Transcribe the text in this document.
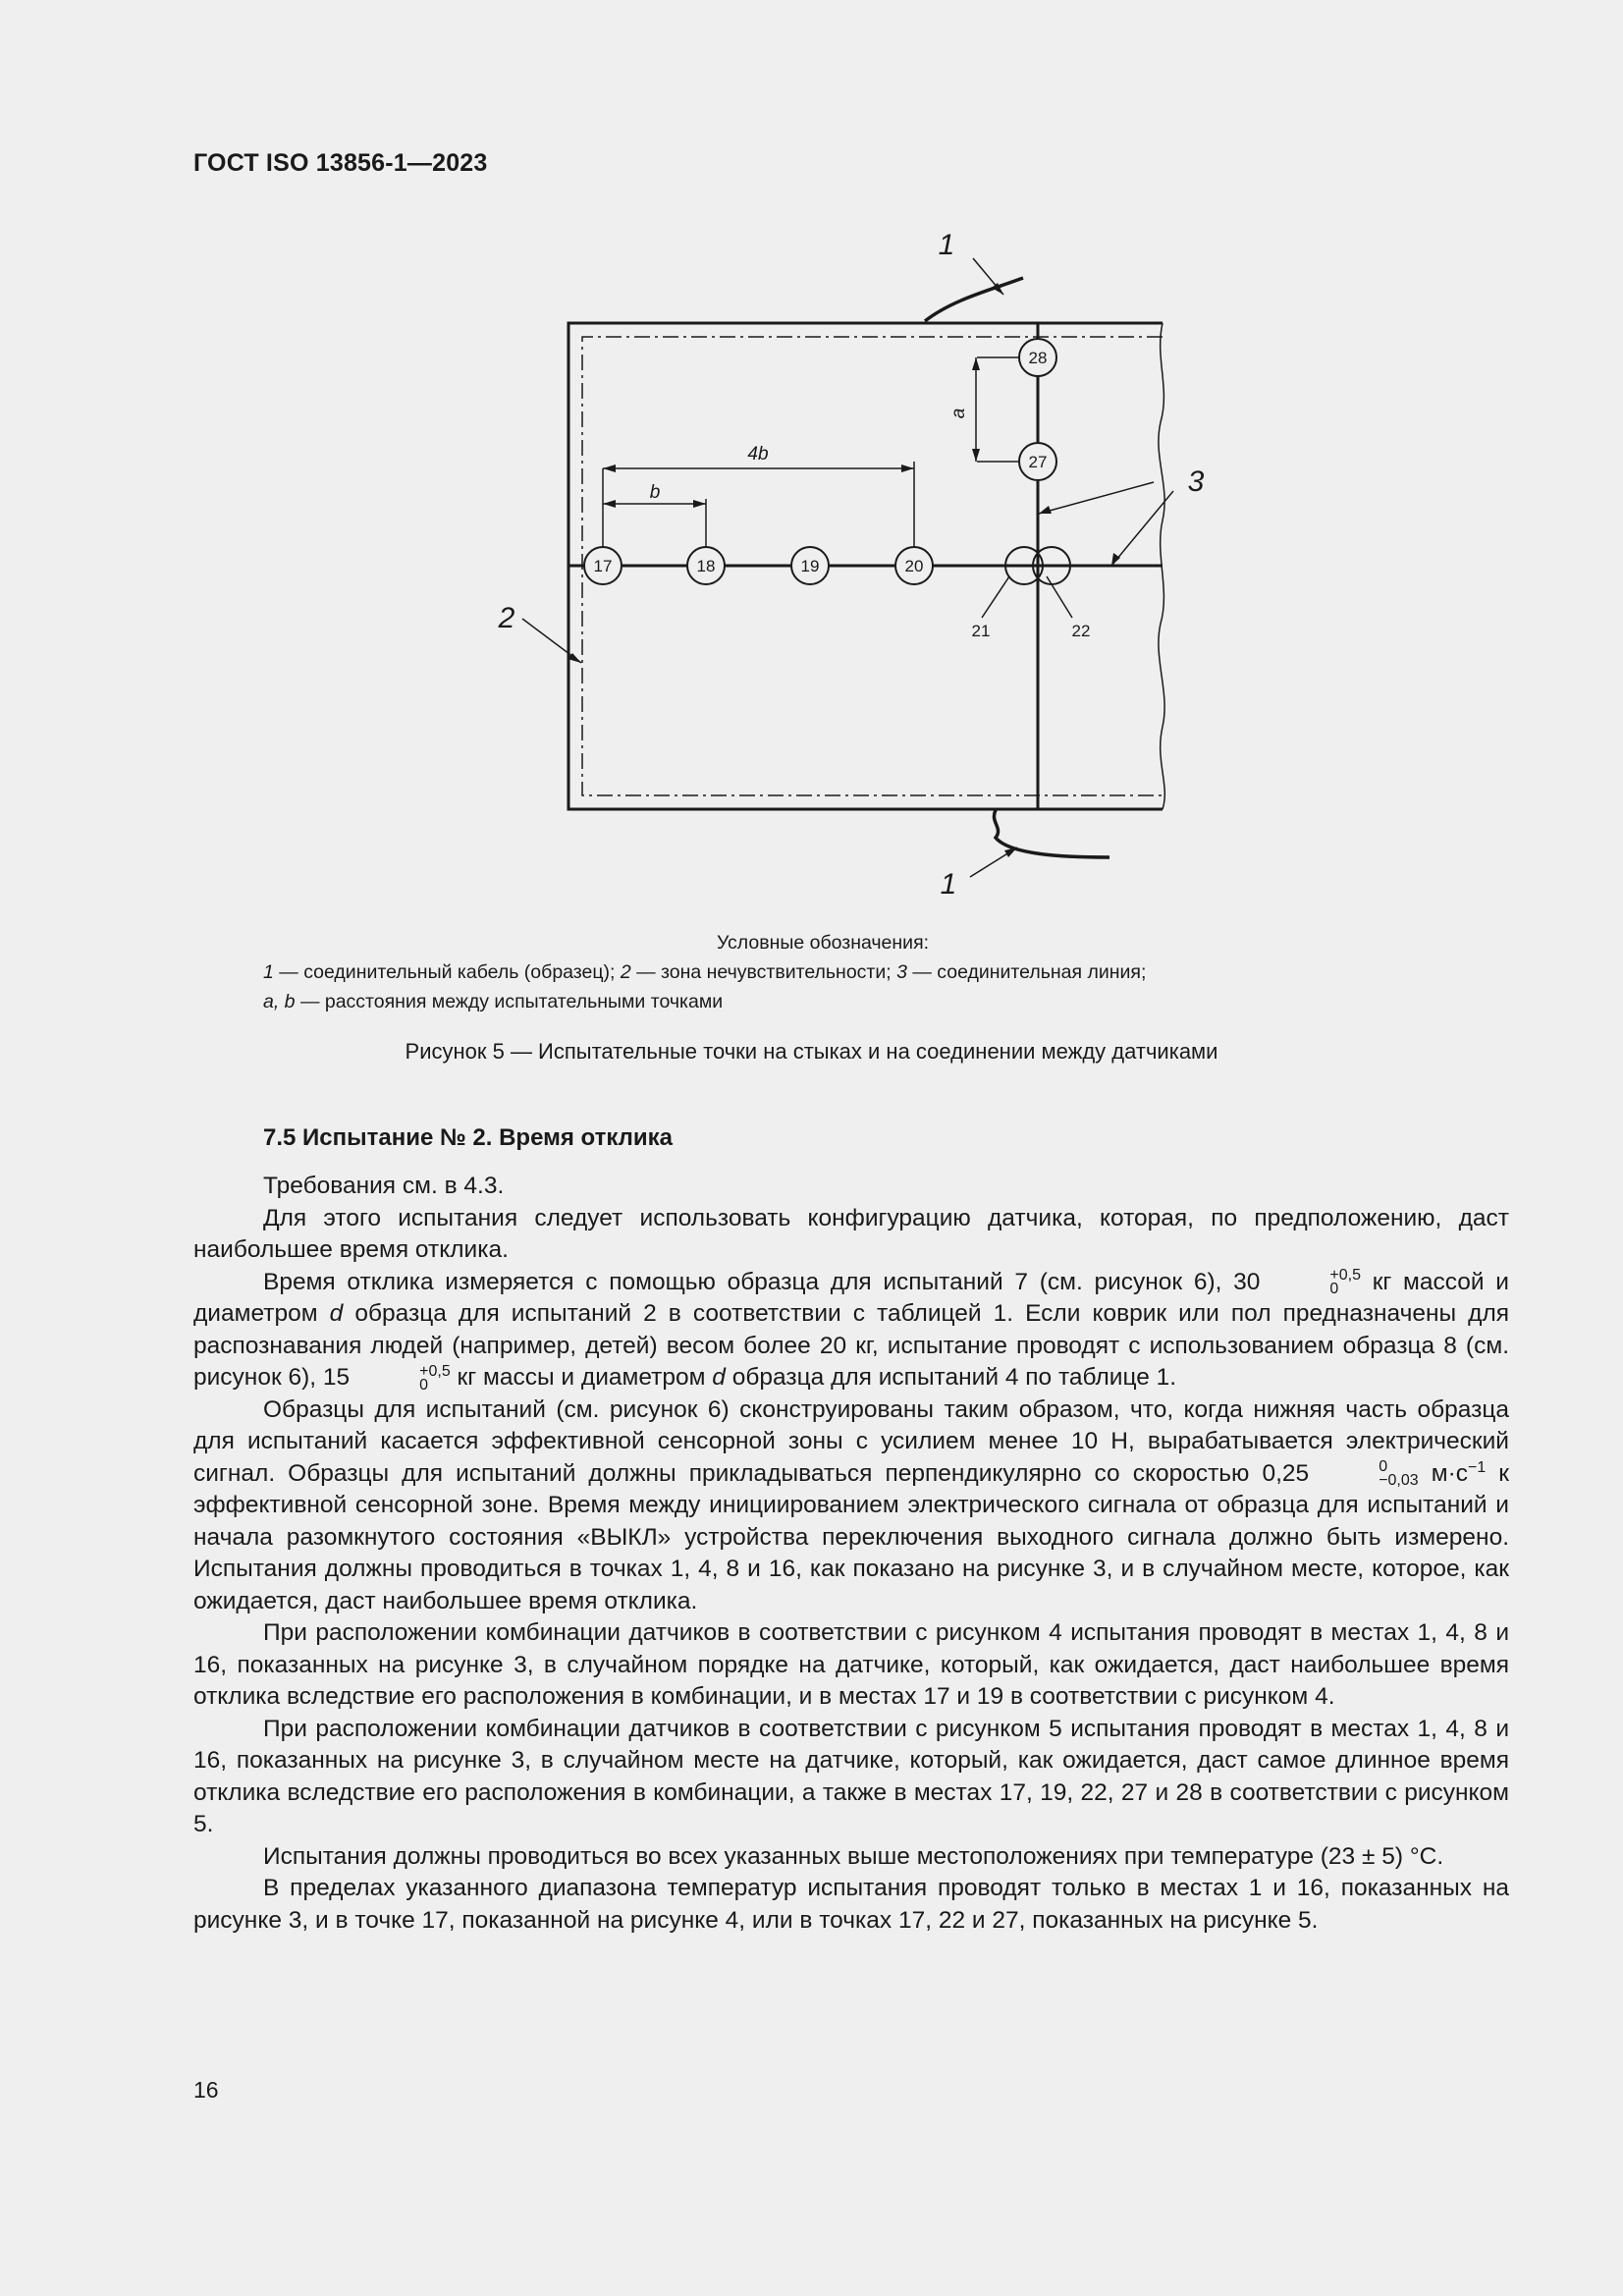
ГОСТ ISO 13856-1—2023
17	18	19	20
27
28
21	22
4b
b
a
1
1
2
3
Условные обозначения:
1 — соединительный кабель (образец); 2 — зона нечувствительности; 3 — соединительная линия;
a, b — расстояния между испытательными точками
Рисунок 5 — Испытательные точки на стыках и на соединении между датчиками
7.5 Испытание № 2. Время отклика

Требования см. в 4.3.

Для этого испытания следует использовать конфигурацию датчика, которая, по предположению, даст наибольшее время отклика.

Время отклика измеряется с помощью образца для испытаний 7 (см. рисунок 6), 30	+0,5
0 кг массой и диаметром d образца для испытаний 2 в соответствии с таблицей 1. Если коврик или пол предназначены для распознавания людей (например, детей) весом более 20 кг, испытание проводят с использованием образца 8 (см. рисунок 6), 15	+0,5
0 кг массы и диаметром d образца для испытаний 4 по таблице 1.

Образцы для испытаний (см. рисунок 6) сконструированы таким образом, что, когда нижняя часть образца для испытаний касается эффективной сенсорной зоны с усилием менее 10 Н, вырабатывается электрический сигнал. Образцы для испытаний должны прикладываться перпендикулярно со скоростью 0,25	0
−0,03 $м\cdot с^{-1}$ к эффективной сенсорной зоне. Время между инициированием электрического сигнала от образца для испытаний и начала разомкнутого состояния «ВЫКЛ» устройства переключения выходного сигнала должно быть измерено. Испытания должны проводиться в точках 1, 4, 8 и 16, как показано на рисунке 3, и в случайном месте, которое, как ожидается, даст наибольшее время отклика.

При расположении комбинации датчиков в соответствии с рисунком 4 испытания проводят в местах 1, 4, 8 и 16, показанных на рисунке 3, в случайном порядке на датчике, который, как ожидается, даст наибольшее время отклика вследствие его расположения в комбинации, и в местах 17 и 19 в соответствии с рисунком 4.

При расположении комбинации датчиков в соответствии с рисунком 5 испытания проводят в местах 1, 4, 8 и 16, показанных на рисунке 3, в случайном месте на датчике, который, как ожидается, даст самое длинное время отклика вследствие его расположения в комбинации, а также в местах 17, 19, 22, 27 и 28 в соответствии с рисунком 5.

Испытания должны проводиться во всех указанных выше местоположениях при температуре (23 ± 5) °С.

В пределах указанного диапазона температур испытания проводят только в местах 1 и 16, показанных на рисунке 3, и в точке 17, показанной на рисунке 4, или в точках 17, 22 и 27, показанных на рисунке 5.

16
